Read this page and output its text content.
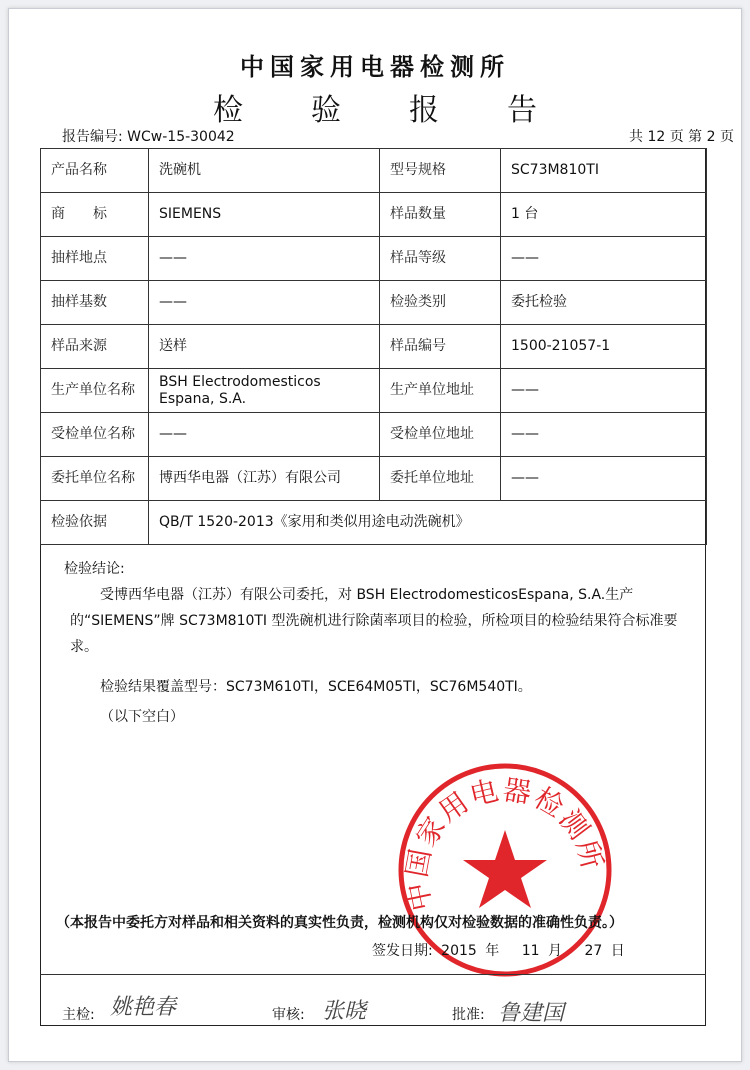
中国家用电器检测所
检验报告
报告编号: WCw-15-30042	共 12 页 第 2 页
产品名称	洗碗机	型号规格	SC73M810TI
商　　标	SIEMENS	样品数量	1 台
抽样地点	——	样品等级	——
抽样基数	——	检验类别	委托检验
样品来源	送样	样品编号	1500-21057-1
生产单位名称	BSH Electrodomesticos Espana, S.A.	生产单位地址	——
受检单位名称	——	受检单位地址	——
委托单位名称	博西华电器（江苏）有限公司	委托单位地址	——
检验依据	QB/T 1520-2013《家用和类似用途电动洗碗机》		
检验结论:
受博西华电器（江苏）有限公司委托，对 BSH ElectrodomesticosEspana, S.A.生产的“SIEMENS”牌 SC73M810TI 型洗碗机进行除菌率项目的检验，所检项目的检验结果符合标准要求。
检验结果覆盖型号：SC73M610TI，SCE64M05TI，SC76M540TI。
（以下空白）
中国家用电器检测所
（本报告中委托方对样品和相关资料的真实性负责，检测机构仅对检验数据的准确性负责。）
签发日期: 2015 年 11 月 27 日
主检: 姚艳春	审核: 张晓	批准: 鲁建国
